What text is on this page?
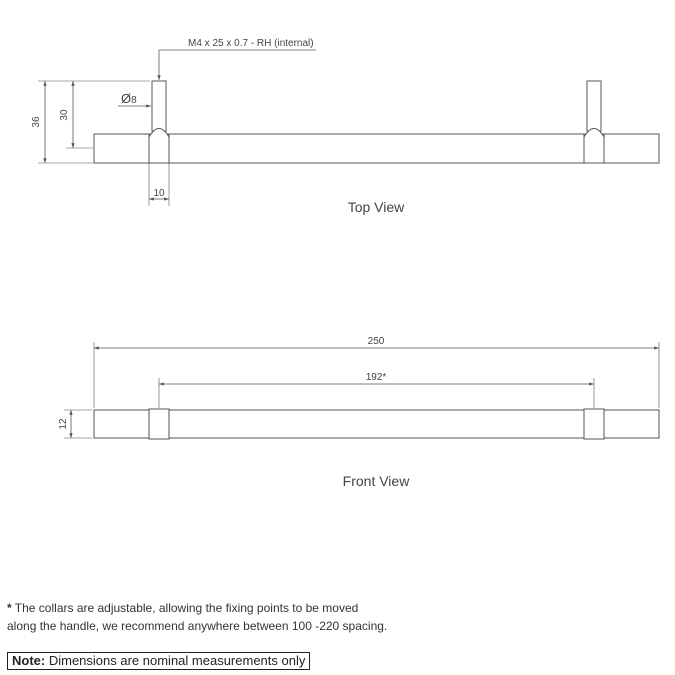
M4 x 25 x 0.7 - RH (internal)
36
30
Ø8
10
Top View
250
192*
12
Front View
* The collars are adjustable, allowing the fixing points to be moved
along the handle, we recommend anywhere between 100 -220 spacing.
Note: Dimensions are nominal measurements only
